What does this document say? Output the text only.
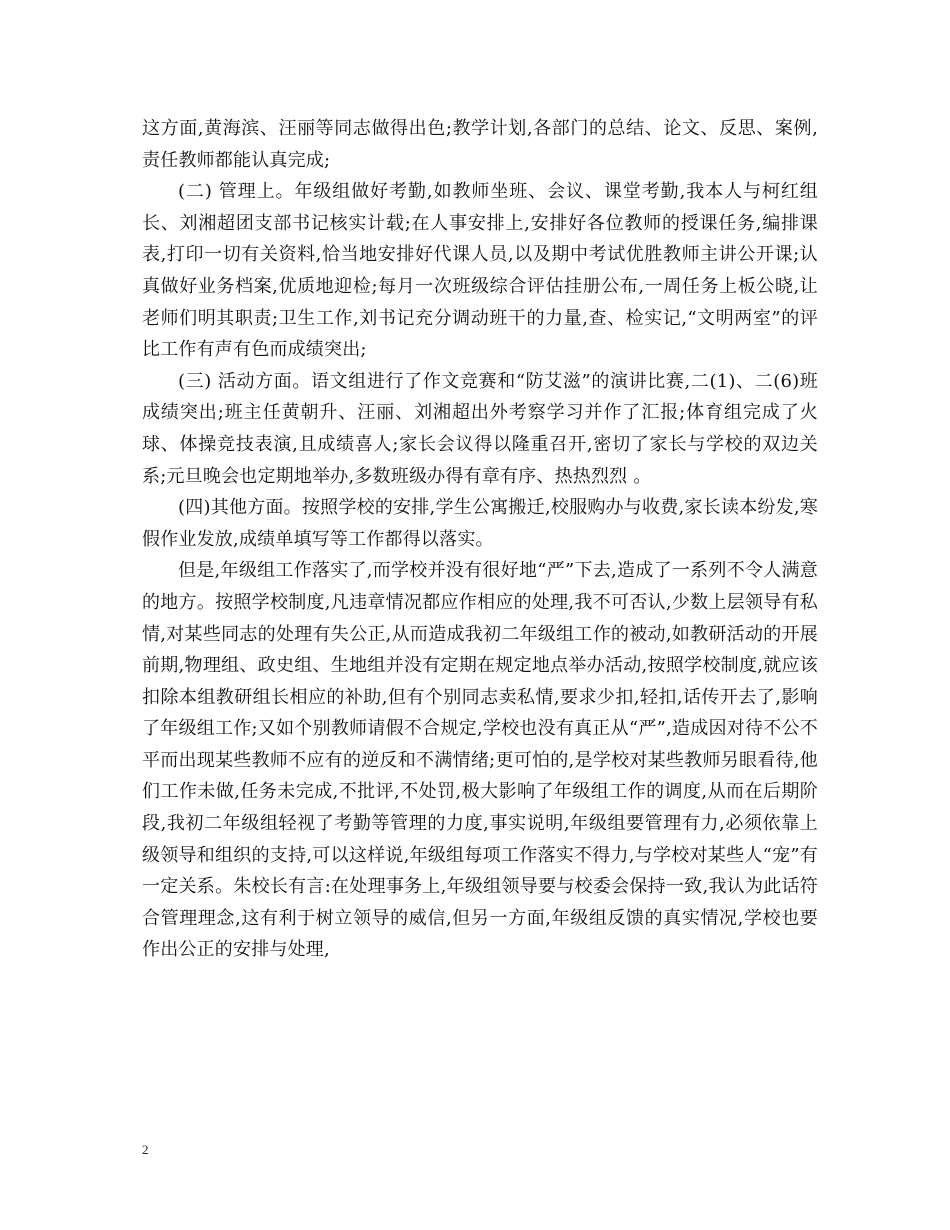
这方面,黄海滨、汪丽等同志做得出色;教学计划,各部门的总结、论文、反思、案例,责任教师都能认真完成;

(二) 管理上。年级组做好考勤,如教师坐班、会议、课堂考勤,我本人与柯红组长、刘湘超团支部书记核实计载;在人事安排上,安排好各位教师的授课任务,编排课表,打印一切有关资料,恰当地安排好代课人员,以及期中考试优胜教师主讲公开课;认真做好业务档案,优质地迎检;每月一次班级综合评估挂册公布,一周任务上板公晓,让老师们明其职责;卫生工作,刘书记充分调动班干的力量,查、检实记,“文明两室”的评比工作有声有色而成绩突出;

(三) 活动方面。语文组进行了作文竞赛和“防艾滋”的演讲比赛,二(1)、二(6)班成绩突出;班主任黄朝升、汪丽、刘湘超出外考察学习并作了汇报;体育组完成了火球、体操竞技表演,且成绩喜人;家长会议得以隆重召开,密切了家长与学校的双边关系;元旦晚会也定期地举办,多数班级办得有章有序、热热烈烈 。

(四)其他方面。按照学校的安排,学生公寓搬迁,校服购办与收费,家长读本纷发,寒假作业发放,成绩单填写等工作都得以落实。

但是,年级组工作落实了,而学校并没有很好地“严”下去,造成了一系列不令人满意的地方。按照学校制度,凡违章情况都应作相应的处理,我不可否认,少数上层领导有私情,对某些同志的处理有失公正,从而造成我初二年级组工作的被动,如教研活动的开展前期,物理组、政史组、生地组并没有定期在规定地点举办活动,按照学校制度,就应该扣除本组教研组长相应的补助,但有个别同志卖私情,要求少扣,轻扣,话传开去了,影响了年级组工作;又如个别教师请假不合规定,学校也没有真正从“严”,造成因对待不公不平而出现某些教师不应有的逆反和不满情绪;更可怕的,是学校对某些教师另眼看待,他们工作未做,任务未完成,不批评,不处罚,极大影响了年级组工作的调度,从而在后期阶段,我初二年级组轻视了考勤等管理的力度,事实说明,年级组要管理有力,必须依靠上级领导和组织的支持,可以这样说,年级组每项工作落实不得力,与学校对某些人“宠”有一定关系。朱校长有言:在处理事务上,年级组领导要与校委会保持一致,我认为此话符合管理理念,这有利于树立领导的威信,但另一方面,年级组反馈的真实情况,学校也要作出公正的安排与处理,

2
